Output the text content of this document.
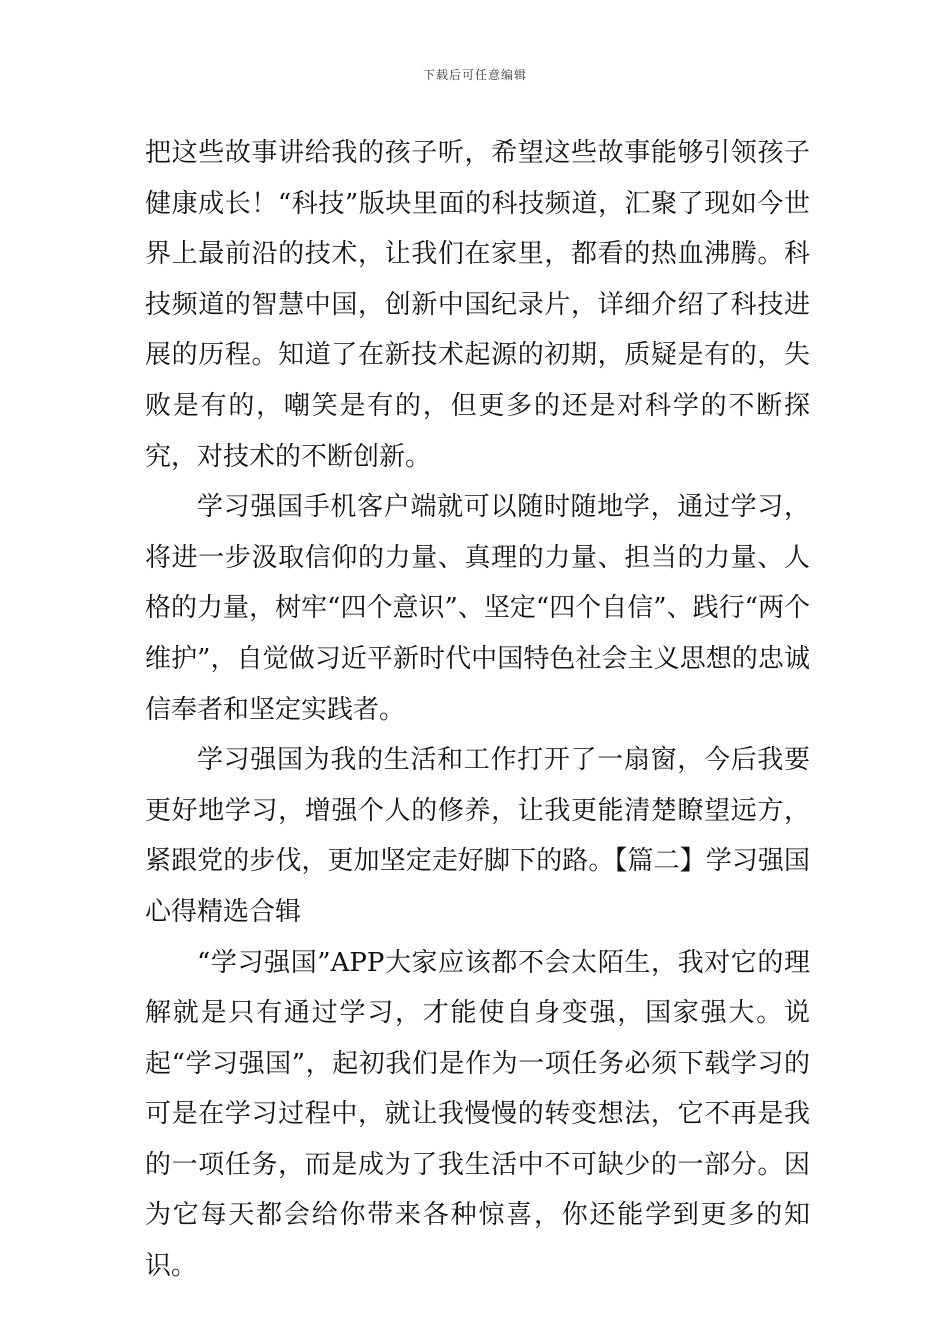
下载后可任意编辑

把这些故事讲给我的孩子听，希望这些故事能够引领孩子健康成长！“科技”版块里面的科技频道，汇聚了现如今世界上最前沿的技术，让我们在家里，都看的热血沸腾。科技频道的智慧中国，创新中国纪录片，详细介绍了科技进展的历程。知道了在新技术起源的初期，质疑是有的，失败是有的，嘲笑是有的，但更多的还是对科学的不断探究，对技术的不断创新。

学习强国手机客户端就可以随时随地学，通过学习，将进一步汲取信仰的力量、真理的力量、担当的力量、人格的力量，树牢“四个意识”、坚定“四个自信”、践行“两个维护”，自觉做习近平新时代中国特色社会主义思想的忠诚信奉者和坚定实践者。

学习强国为我的生活和工作打开了一扇窗，今后我要更好地学习，增强个人的修养，让我更能清楚瞭望远方，紧跟党的步伐，更加坚定走好脚下的路。【篇二】学习强国心得精选合辑

“学习强国”APP大家应该都不会太陌生，我对它的理解就是只有通过学习，才能使自身变强，国家强大。说起“学习强国”，起初我们是作为一项任务必须下载学习的可是在学习过程中，就让我慢慢的转变想法，它不再是我的一项任务，而是成为了我生活中不可缺少的一部分。因为它每天都会给你带来各种惊喜，你还能学到更多的知识。
